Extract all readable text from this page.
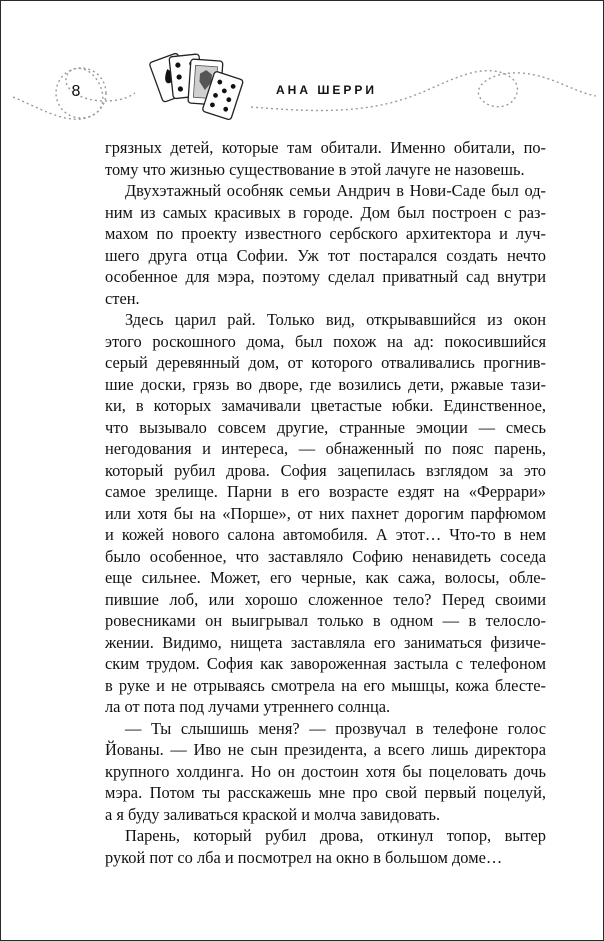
8	АНА ШЕРРИ
грязных детей, которые там обитали. Именно обитали, по-
тому что жизнью существование в этой лачуге не назовешь.
Двухэтажный особняк семьи Андрич в Нови-Саде был од-
ним из самых красивых в городе. Дом был построен с раз-
махом по проекту известного сербского архитектора и луч-
шего друга отца Софии. Уж тот постарался создать нечто
особенное для мэра, поэтому сделал приватный сад внутри
стен.
Здесь царил рай. Только вид, открывавшийся из окон
этого роскошного дома, был похож на ад: покосившийся
серый деревянный дом, от которого отваливались прогнив-
шие доски, грязь во дворе, где возились дети, ржавые тази-
ки, в которых замачивали цветастые юбки. Единственное,
что вызывало совсем другие, странные эмоции — смесь
негодования и интереса, — обнаженный по пояс парень,
который рубил дрова. София зацепилась взглядом за это
самое зрелище. Парни в его возрасте ездят на «Феррари»
или хотя бы на «Порше», от них пахнет дорогим парфюмом
и кожей нового салона автомобиля. А этот… Что-то в нем
было особенное, что заставляло Софию ненавидеть соседа
еще сильнее. Может, его черные, как сажа, волосы, обле-
пившие лоб, или хорошо сложенное тело? Перед своими
ровесниками он выигрывал только в одном — в телосло-
жении. Видимо, нищета заставляла его заниматься физиче-
ским трудом. София как завороженная застыла с телефоном
в руке и не отрываясь смотрела на его мышцы, кожа блесте-
ла от пота под лучами утреннего солнца.
— Ты слышишь меня? — прозвучал в телефоне голос
Йованы. — Иво не сын президента, а всего лишь директора
крупного холдинга. Но он достоин хотя бы поцеловать дочь
мэра. Потом ты расскажешь мне про свой первый поцелуй,
а я буду заливаться краской и молча завидовать.
Парень, который рубил дрова, откинул топор, вытер
рукой пот со лба и посмотрел на окно в большом доме…
